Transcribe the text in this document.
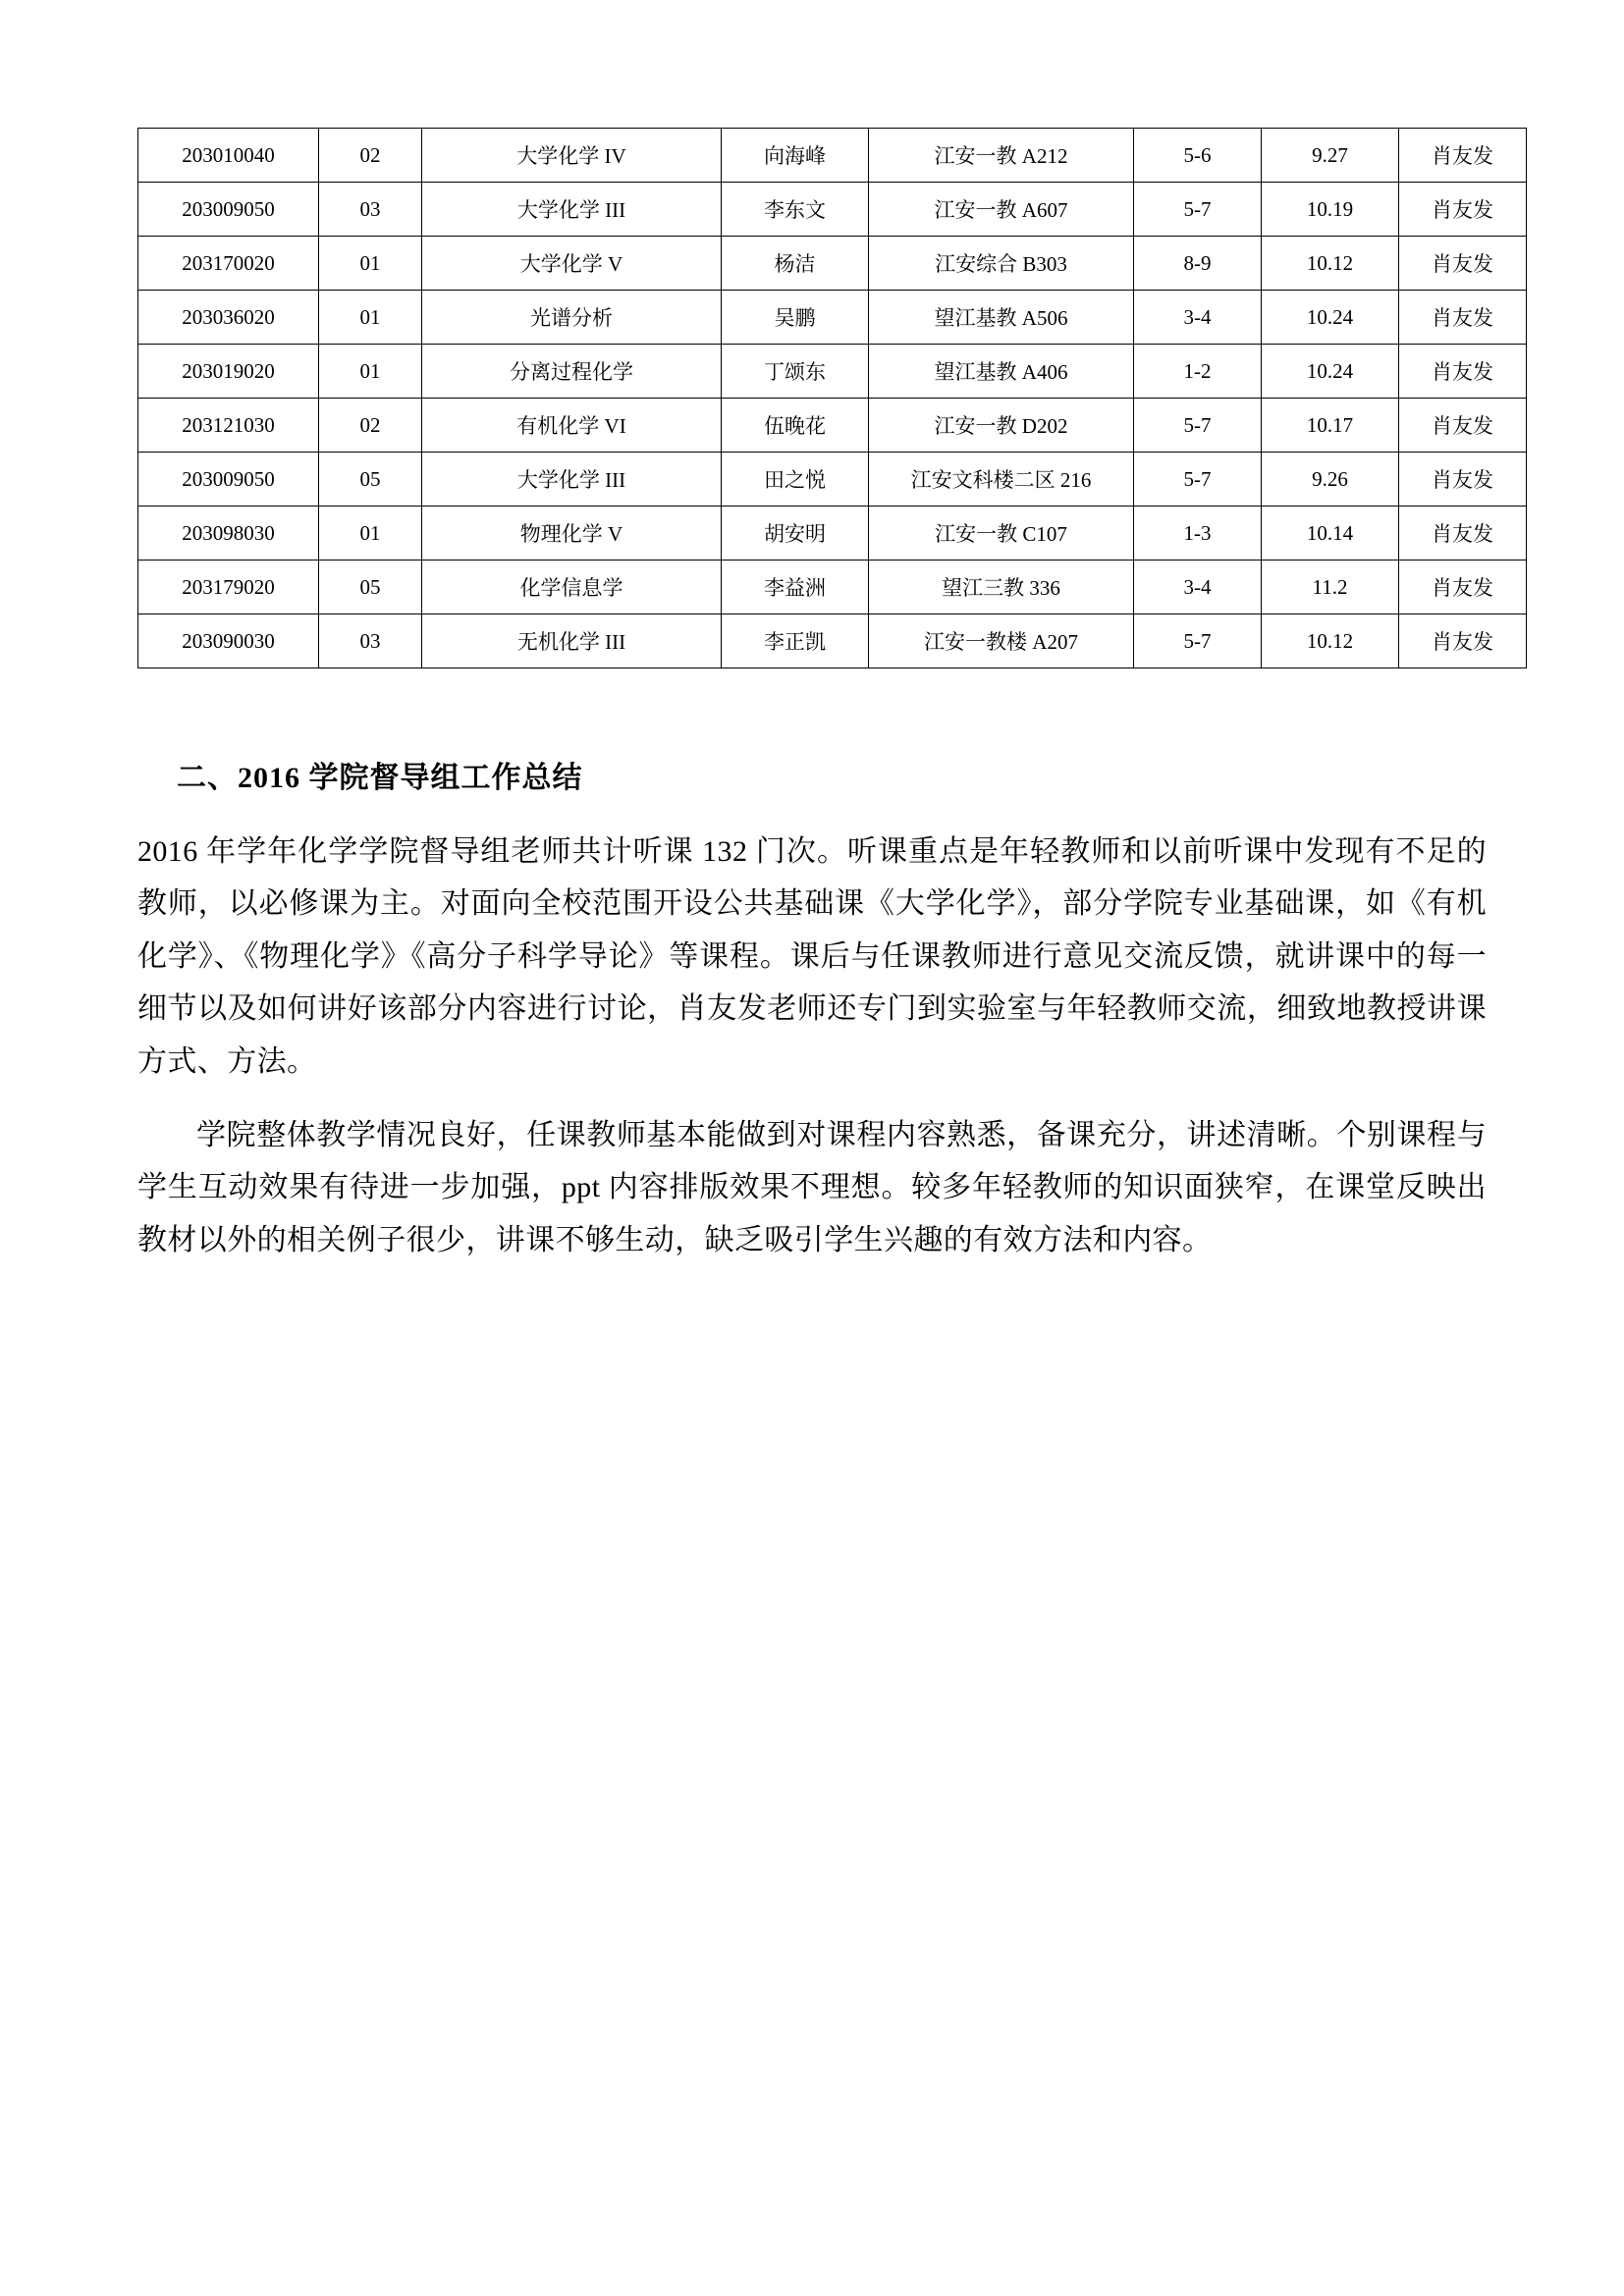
203010040	02	大学化学 IV	向海峰	江安一教 A212	5-6	9.27	肖友发
203009050	03	大学化学 III	李东文	江安一教 A607	5-7	10.19	肖友发
203170020	01	大学化学 V	杨洁	江安综合 B303	8-9	10.12	肖友发
203036020	01	光谱分析	吴鹏	望江基教 A506	3-4	10.24	肖友发
203019020	01	分离过程化学	丁颂东	望江基教 A406	1-2	10.24	肖友发
203121030	02	有机化学 VI	伍晚花	江安一教 D202	5-7	10.17	肖友发
203009050	05	大学化学 III	田之悦	江安文科楼二区 216	5-7	9.26	肖友发
203098030	01	物理化学 V	胡安明	江安一教 C107	1-3	10.14	肖友发
203179020	05	化学信息学	李益洲	望江三教 336	3-4	11.2	肖友发
203090030	03	无机化学 III	李正凯	江安一教楼 A207	5-7	10.12	肖友发
二、2016 学院督导组工作总结

2016 年学年化学学院督导组老师共计听课 132 门次。听课重点是年轻教师和以前听课中发现有不足的教师，以必修课为主。对面向全校范围开设公共基础课《大学化学》，部分学院专业基础课，如《有机化学》、《物理化学》《高分子科学导论》等课程。课后与任课教师进行意见交流反馈，就讲课中的每一细节以及如何讲好该部分内容进行讨论，肖友发老师还专门到实验室与年轻教师交流，细致地教授讲课方式、方法。

学院整体教学情况良好，任课教师基本能做到对课程内容熟悉，备课充分，讲述清晰。个别课程与学生互动效果有待进一步加强，ppt 内容排版效果不理想。较多年轻教师的知识面狭窄，在课堂反映出教材以外的相关例子很少，讲课不够生动，缺乏吸引学生兴趣的有效方法和内容。
